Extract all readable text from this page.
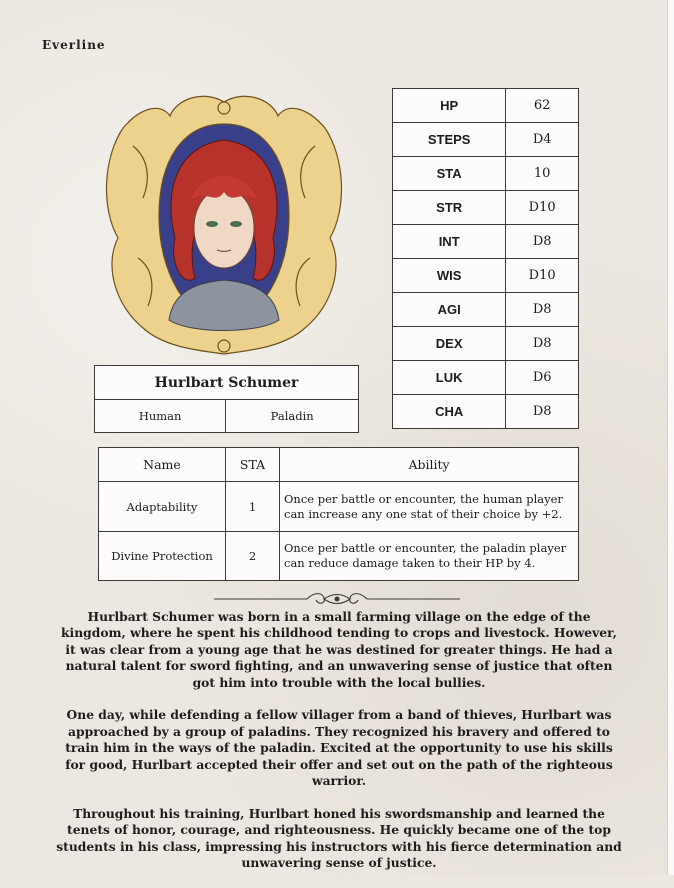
Everline
HP	62
STEPS	D4
STA	10
STR	D10
INT	D8
WIS	D10
AGI	D8
DEX	D8
LUK	D6
CHA	D8
Hurlbart Schumer
Human	Paladin
Name	STA	Ability
Adaptability	1	Once per battle or encounter, the human player can increase any one stat of their choice by +2.
Divine Protection	2	Once per battle or encounter, the paladin player can reduce damage taken to their HP by 4.

Hurlbart Schumer was born in a small farming village on the edge of the kingdom, where he spent his childhood tending to crops and livestock. However, it was clear from a young age that he was destined for greater things. He had a natural talent for sword fighting, and an unwavering sense of justice that often got him into trouble with the local bullies.

One day, while defending a fellow villager from a band of thieves, Hurlbart was approached by a group of paladins. They recognized his bravery and offered to train him in the ways of the paladin. Excited at the opportunity to use his skills for good, Hurlbart accepted their offer and set out on the path of the righteous warrior.

Throughout his training, Hurlbart honed his swordsmanship and learned the tenets of honor, courage, and righteousness. He quickly became one of the top students in his class, impressing his instructors with his fierce determination and unwavering sense of justice.
